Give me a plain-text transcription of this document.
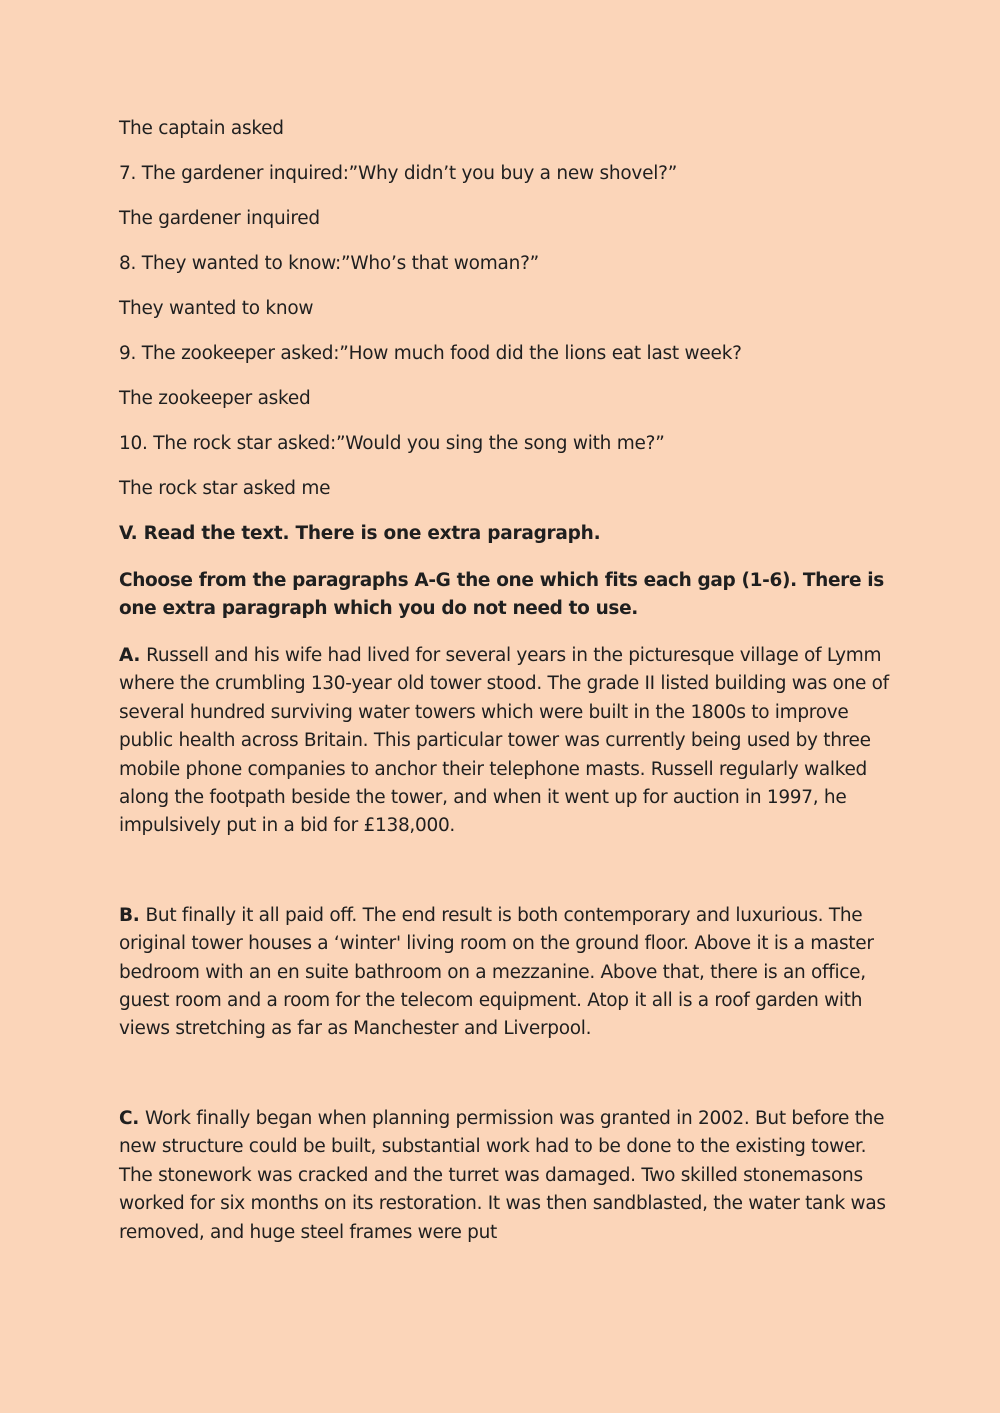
The captain asked

7. The gardener inquired:”Why didn’t you buy a new shovel?”

The gardener inquired

8. They wanted to know:”Who’s that woman?”

They wanted to know

9. The zookeeper asked:”How much food did the lions eat last week?

The zookeeper asked

10. The rock star asked:”Would you sing the song with me?”

The rock star asked me

V. Read the text. There is one extra paragraph.

Choose from the paragraphs A-G the one which fits each gap (1-6). There is one extra paragraph which you do not need to use.

A. Russell and his wife had lived for several years in the picturesque village of Lymm where the crumbling 130-year old tower stood. The grade II listed building was one of several hundred surviving water towers which were built in the 1800s to improve public health across Britain. This particular tower was currently being used by three mobile phone companies to anchor their telephone masts. Russell regularly walked along the footpath beside the tower, and when it went up for auction in 1997, he impulsively put in a bid for £138,000.

B. But finally it all paid off. The end result is both contemporary and luxurious. The original tower houses a ‘winter' living room on the ground floor. Above it is a master bedroom with an en suite bathroom on a mezzanine. Above that, there is an office, guest room and a room for the telecom equipment. Atop it all is a roof garden with views stretching as far as Manchester and Liverpool.

C. Work finally began when planning permission was granted in 2002. But before the new structure could be built, substantial work had to be done to the existing tower. The stonework was cracked and the turret was damaged. Two skilled stonemasons worked for six months on its restoration. It was then sandblasted, the water tank was removed, and huge steel frames were put
